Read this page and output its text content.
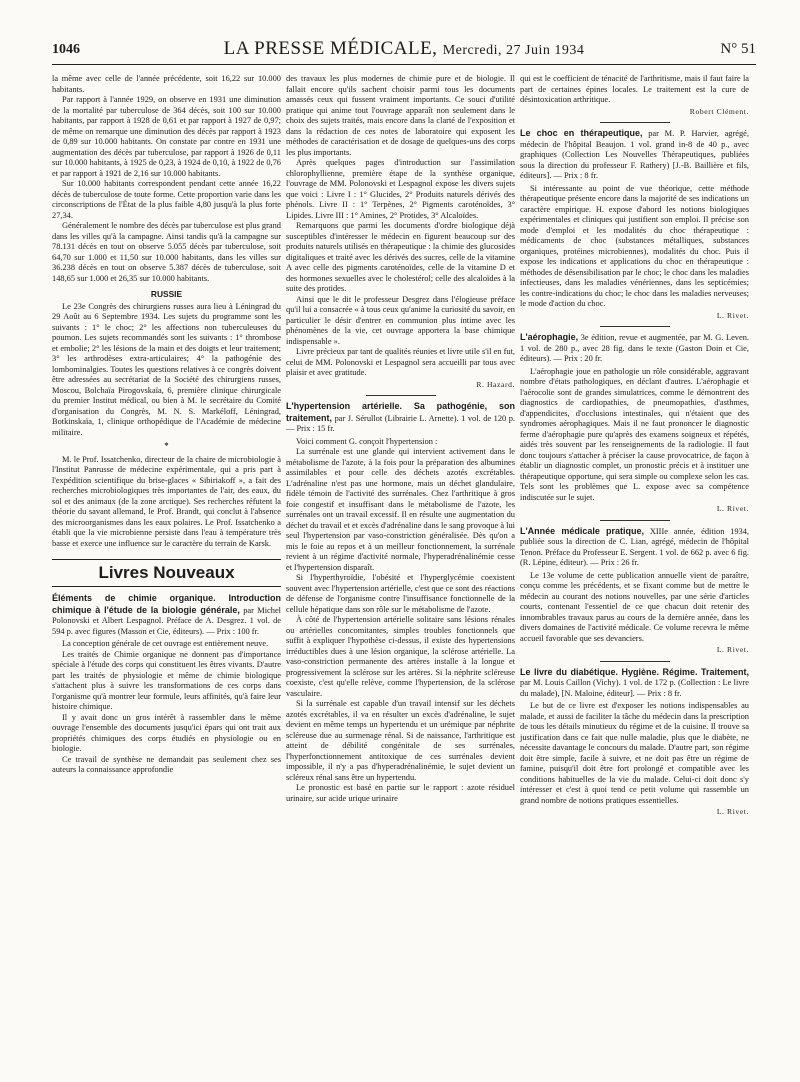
1046	LA PRESSE MÉDICALE, Mercredi, 27 Juin 1934	N° 51

la même avec celle de l'année précédente, soit 16,22 sur 10.000 habitants.

Par rapport à l'année 1929, on observe en 1931 une diminution de la mortalité par tuberculose de 364 décès, soit 100 sur 10.000 habitants, par rapport à 1928 de 0,61 et par rapport à 1927 de 0,97; de même on remarque une diminution des décès par rapport à 1923 de 0,89 sur 10.000 habitants. On constate par contre en 1931 une augmentation des décès par tuberculose, par rapport à 1926 de 0,11 sur 10.000 habitants, à 1925 de 0,23, à 1924 de 0,10, à 1922 de 0,76 et par rapport à 1921 de 2,16 sur 10.000 habitants.

Sur 10.000 habitants correspondent pendant cette année 16,22 décès de tuberculose de toute forme. Cette proportion varie dans les circonscriptions de l'État de la plus faible 4,80 jusqu'à la plus forte 27,34.

Généralement le nombre des décès par tuberculose est plus grand dans les villes qu'à la campagne. Ainsi tandis qu'à la campagne sur 78.131 décès en tout on observe 5.055 décès par tuberculose, soit 64,70 sur 1.000 et 11,50 sur 10.000 habitants, dans les villes sur 36.238 décès en tout on observe 5.387 décès de tuberculose, soit 148,65 sur 1.000 et 26,35 sur 10.000 habitants.

RUSSIE

Le 23e Congrès des chirurgiens russes aura lieu à Léningrad du 29 Août au 6 Septembre 1934. Les sujets du programme sont les suivants : 1° le choc; 2° les affections non tuberculeuses du poumon. Les sujets recommandés sont les suivants : 1° thrombose et embolie; 2° les lésions de la main et des doigts et leur traitement; 3° les arthrodèses extra-articulaires; 4° la pathogénie des lombominalgies. Toutes les questions relatives à ce congrès doivent être adressées au secrétariat de la Société des chirurgiens russes, Moscou, Bolchaïa Pirogovskaïa, 6, première clinique chirurgicale du premier Institut médical, ou bien à M. le secrétaire du Comité d'organisation du Congrès, M. N. S. Markéloff, Léningrad, Botkinskaïa, 1, clinique orthopédique de l'Académie de médecine militaire.

*

M. le Prof. Issatchenko, directeur de la chaire de microbiologie à l'Institut Panrusse de médecine expérimentale, qui a pris part à l'expédition scientifique du brise-glaces « Sibiriakoff », a fait des recherches microbiologiques très importantes de l'air, des eaux, du sol et des animaux (de la zone arctique). Ses recherches réfutent la théorie du savant allemand, le Prof. Brandt, qui conclut à l'absence des microorganismes dans les eaux polaires. Le Prof. Issatchenko a établi que la vie microbienne persiste dans l'eau à température très basse et exerce une influence sur le caractère du terrain de Karsk.

Livres Nouveaux

Éléments de chimie organique. Introduction chimique à l'étude de la biologie générale, par Michel Polonovski et Albert Lespagnol. Préface de A. Desgrez. 1 vol. de 594 p. avec figures (Masson et Cie, éditeurs). — Prix : 100 fr.

La conception générale de cet ouvrage est entièrement neuve.

Les traités de Chimie organique ne donnent pas d'importance spéciale à l'étude des corps qui constituent les êtres vivants. D'autre part les traités de physiologie et même de chimie biologique s'attachent plus à suivre les transformations de ces corps dans l'organisme qu'à montrer leur formule, leurs affinités, qu'à faire leur histoire chimique.

Il y avait donc un gros intérêt à rassembler dans le même ouvrage l'ensemble des documents jusqu'ici épars qui ont trait aux propriétés chimiques des corps étudiés en physiologie ou en biologie.

Ce travail de synthèse ne demandait pas seulement chez ses auteurs la connaissance approfondie

des travaux les plus modernes de chimie pure et de biologie. Il fallait encore qu'ils sachent choisir parmi tous les documents amassés ceux qui fussent vraiment importants. Ce souci d'utilité pratique qui anime tout l'ouvrage apparaît non seulement dans le choix des sujets traités, mais encore dans la clarté de l'exposition et dans la rédaction de ces notes de laboratoire qui exposent les méthodes de caractérisation et de dosage de quelques-uns des corps les plus importants.

Après quelques pages d'introduction sur l'assimilation chlorophyllienne, première étape de la synthèse organique, l'ouvrage de MM. Polonovski et Lespagnol expose les divers sujets que voici : Livre I : 1° Glucides, 2° Produits naturels dérivés des phénols. Livre II : 1° Terpènes, 2° Pigments caroténoïdes, 3° Lipides. Livre III : 1° Amines, 2° Protides, 3° Alcaloïdes.

Remarquons que parmi les documents d'ordre biologique déjà susceptibles d'intéresser le médecin en figurent beaucoup sur des produits naturels utilisés en thérapeutique : la chimie des glucosides digitaliques et traité avec les dérivés des sucres, celle de la vitamine A avec celle des pigments caroténoïdes, celle de la vitamine D et des hormones sexuelles avec le cholestérol; celle des alcaloïdes à la suite des protides.

Ainsi que le dit le professeur Desgrez dans l'élogieuse préface qu'il lui a consacrée « à tous ceux qu'anime la curiosité du savoir, en particulier le désir d'entrer en communion plus intime avec les phénomènes de la vie, cet ouvrage apportera la base chimique indispensable ».

Livre précieux par tant de qualités réunies et livre utile s'il en fut, celui de MM. Polonovski et Lespagnol sera accueilli par tous avec plaisir et avec gratitude.

R. Hazard.

L'hypertension artérielle. Sa pathogénie, son traitement, par J. Sérullot (Librairie L. Arnette). 1 vol. de 120 p. — Prix : 15 fr.

Voici comment G. conçoit l'hypertension :

La surrénale est une glande qui intervient activement dans le métabolisme de l'azote, à la fois pour la préparation des albumines assimilables et pour celle des déchets azotés excrétables. L'adrénaline n'est pas une hormone, mais un déchet glandulaire, fidèle témoin de l'activité des surrénales. Chez l'arthritique à gros foie congestif et insuffisant dans le métabolisme de l'azote, les surrénales ont un travail excessif. Il en résulte une augmentation du déchet du travail et et excès d'adrénaline dans le sang provoque à lui seul l'hypertension par vaso-constriction généralisée. Dès qu'on a mis le foie au repos et à un meilleur fonctionnement, la surrénale revient à un régime d'activité normale, l'hyperadrénalinémie cesse et l'hypertension disparaît.

Si l'hyperthyroïdie, l'obésité et l'hyperglycémie coexistent souvent avec l'hypertension artérielle, c'est que ce sont des réactions de défense de l'organisme contre l'insuffisance fonctionnelle de la cellule hépatique dans son rôle sur le métabolisme de l'azote.

À côté de l'hypertension artérielle solitaire sans lésions rénales ou artérielles concomitantes, simples troubles fonctionnels que suffit à expliquer l'hypothèse ci-dessus, il existe des hypertensions irréductibles dues à une lésion organique, la sclérose artérielle. La vaso-constriction permanente des artères installe à la longue et progressivement la sclérose sur les artères. Si la néphrite scléreuse coexiste, c'est qu'elle relève, comme l'hypertension, de la sclérose vasculaire.

Si la surrénale est capable d'un travail intensif sur les déchets azotés excrétables, il va en résulter un excès d'adrénaline, le sujet devient en même temps un hypertendu et un urémique par néphrite scléreuse due au surmenage rénal. Si de naissance, l'arthritique est atteint de débilité congénitale de ses surrénales, l'hyperfonctionnement antitoxique de ces surrénales devient impossible, il n'y a pas d'hyperadrénalinémie, le sujet devient un scléreux rénal sans être un hypertendu.

Le pronostic est basé en partie sur le rapport : azote résiduel urinaire, sur acide urique urinaire

qui est le coefficient de ténacité de l'arthritisme, mais il faut faire la part de certaines épines locales. Le traitement est la cure de désintoxication arthritique.

Robert Clément.

Le choc en thérapeutique, par M. P. Harvier, agrégé, médecin de l'hôpital Beaujon. 1 vol. grand in-8 de 40 p., avec graphiques (Collection Les Nouvelles Thérapeutiques, publiées sous la direction du professeur F. Rathery) [J.-B. Baillière et fils, éditeurs]. — Prix : 8 fr.

Si intéressante au point de vue théorique, cette méthode thérapeutique présente encore dans la majorité de ses indications un caractère empirique. H. expose d'abord les notions biologiques expérimentales et cliniques qui justifient son emploi. Il précise son mode d'emploi et les modalités du choc thérapeutique : médicaments de choc (substances métalliques, substances organiques, protéines microbiennes), modalités du choc. Puis il expose les indications et applications du choc en thérapeutique : méthodes de désensibilisation par le choc; le choc dans les maladies infectieuses, dans les maladies vénériennes, dans les septicémies; les contre-indications du choc; le choc dans les maladies nerveuses; le mode d'action du choc.

L. Rivet.

L'aérophagie, 3e édition, revue et augmentée, par M. G. Leven. 1 vol. de 280 p., avec 28 fig. dans le texte (Gaston Doin et Cie, éditeurs). — Prix : 20 fr.

L'aérophagie joue en pathologie un rôle considérable, aggravant nombre d'états pathologiques, en déclant d'autres. L'aérophagie et l'aérocolie sont de grandes simulatrices, comme le démontrent des diagnostics de cardiopathies, de pneumopathies, d'asthmes, d'appendicites, d'occlusions intestinales, qui n'étaient que des syndromes aérophagiques. Mais il ne faut prononcer le diagnostic ferme d'aérophagie pure qu'après des examens soigneux et répétés, aidés très souvent par les renseignements de la radiologie. Il faut donc toujours s'attacher à préciser la cause provocatrice, de façon à établir un diagnostic complet, un pronostic précis et à instituer une thérapeutique opportune, qui sera simple ou complexe selon les cas. Tels sont les problèmes que L. expose avec sa compétence indiscutée sur le sujet.

L. Rivet.

L'Année médicale pratique, XIIIe année, édition 1934, publiée sous la direction de C. Lian, agrégé, médecin de l'hôpital Tenon. Préface du Professeur E. Sergent. 1 vol. de 662 p. avec 6 fig. (R. Lépine, éditeur). — Prix : 26 fr.

Le 13e volume de cette publication annuelle vient de paraître, conçu comme les précédents, et se fixant comme but de mettre le médecin au courant des notions nouvelles, par une série d'articles courts, contenant l'essentiel de ce que chacun doit retenir des innombrables travaux parus au cours de la dernière année, dans les divers domaines de l'activité médicale. Ce volume recevra le même accueil favorable que ses devanciers.

L. Rivet.

Le livre du diabétique. Hygiène. Régime. Traitement, par M. Louis Caillon (Vichy). 1 vol. de 172 p. (Collection : Le livre du malade), [N. Maloine, éditeur]. — Prix : 8 fr.

Le but de ce livre est d'exposer les notions indispensables au malade, et aussi de faciliter la tâche du médecin dans la prescription de tous les détails minutieux du régime et de la cuisine. Il trouve sa justification dans ce fait que nulle maladie, plus que le diabète, ne nécessite davantage le concours du malade. D'autre part, son régime doit être simple, facile à suivre, et ne doit pas être un régime de famine, puisqu'il doit être fort prolongé et compatible avec les conditions habituelles de la vie du malade. Celui-ci doit donc s'y intéresser et c'est à quoi tend ce petit volume qui rassemble un grand nombre de notions pratiques essentielles.

L. Rivet.
